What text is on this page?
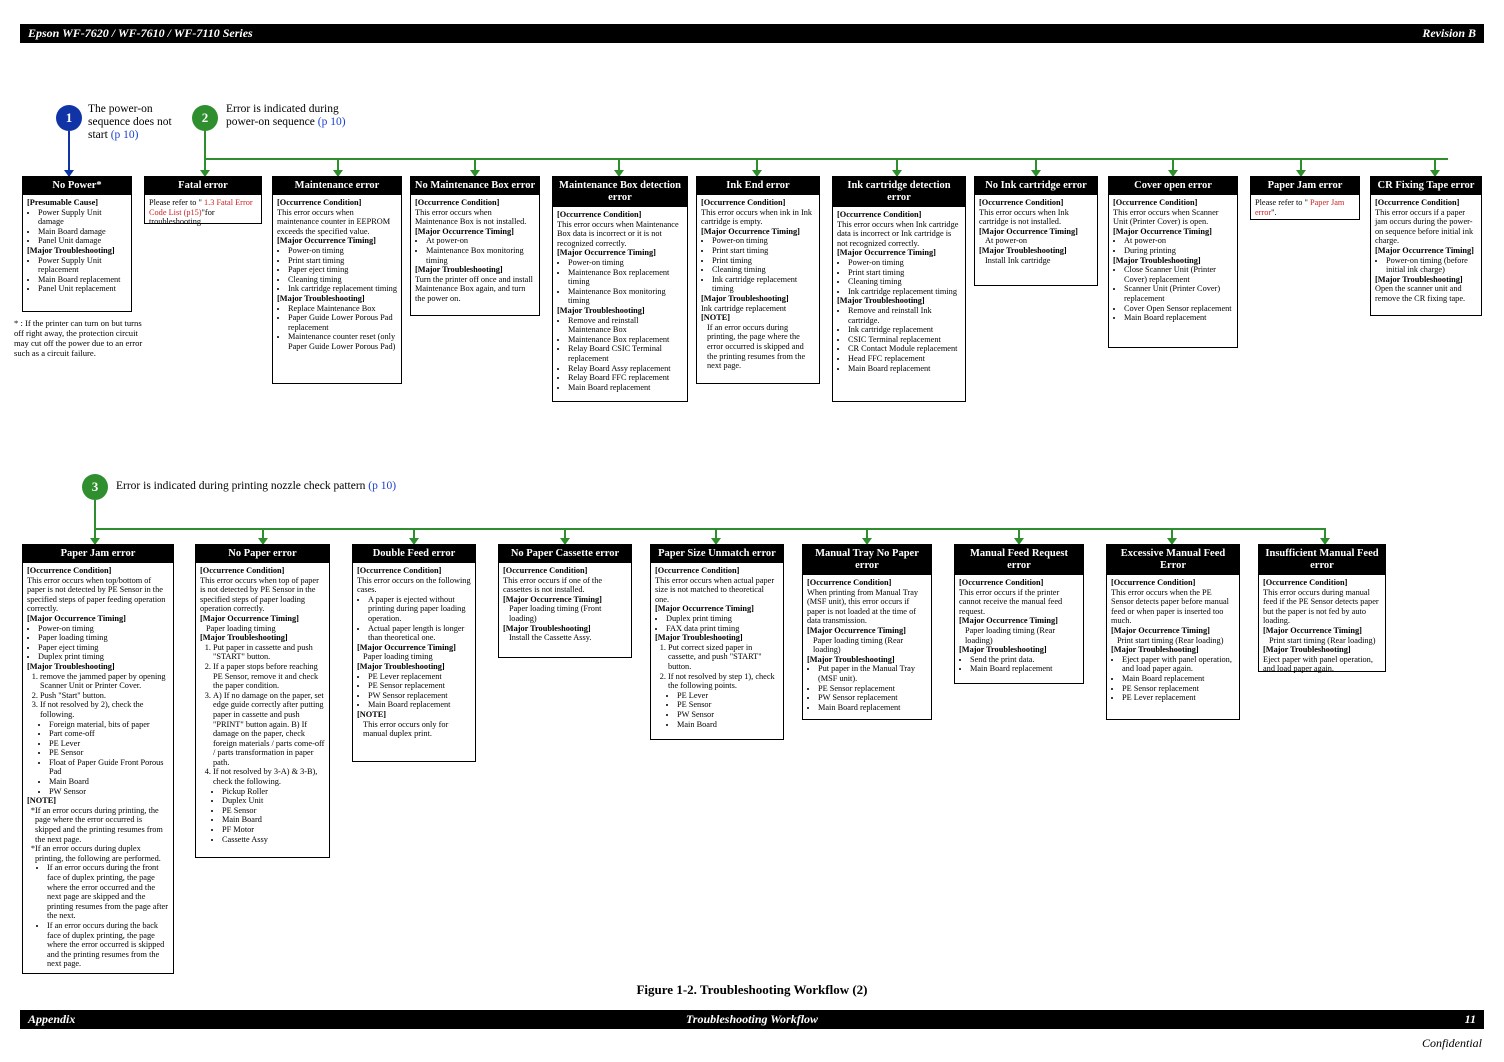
Epson WF-7620 / WF-7610 / WF-7110 Series	Revision B
1
The power-on
sequence does not
start (p 10)
2
Error is indicated during
power-on sequence (p 10)
3 Error is indicated during printing nozzle check pattern (p 10)
No Power*
[Presumable Cause]
• Power Supply Unit damage
• Main Board damage
• Panel Unit damage
[Major Troubleshooting]
• Power Supply Unit replacement
• Main Board replacement
• Panel Unit replacement
* : If the printer can turn on but turns off right away, the protection circuit may cut off the power due to an error such as a circuit failure.
Fatal error
Please refer to " 1.3 Fatal Error Code List (p15)"for troubleshooting.
Maintenance error
[Occurrence Condition]
This error occurs when maintenance counter in EEPROM exceeds the specified value.
[Major Occurrence Timing]
• Power-on timing
• Print start timing
• Paper eject timing
• Cleaning timing
• Ink cartridge replacement timing
[Major Troubleshooting]
• Replace Maintenance Box
• Paper Guide Lower Porous Pad replacement
• Maintenance counter reset (only Paper Guide Lower Porous Pad)
No Maintenance Box error
[Occurrence Condition]
This error occurs when Maintenance Box is not installed.
[Major Occurrence Timing]
• At power-on
• Maintenance Box monitoring timing
[Major Troubleshooting]
Turn the printer off once and install Maintenance Box again, and turn the power on.
Maintenance Box detection error
[Occurrence Condition]
This error occurs when Maintenance Box data is incorrect or it is not recognized correctly.
[Major Occurrence Timing]
• Power-on timing
• Maintenance Box replacement timing
• Maintenance Box monitoring timing
[Major Troubleshooting]
• Remove and reinstall Maintenance Box
• Maintenance Box replacement
• Relay Board CSIC Terminal replacement
• Relay Board Assy replacement
• Relay Board FFC replacement
• Main Board replacement
Ink End error
[Occurrence Condition]
This error occurs when ink in Ink cartridge is empty.
[Major Occurrence Timing]
• Power-on timing
• Print start timing
• Print timing
• Cleaning timing
• Ink cartridge replacement timing
[Major Troubleshooting]
Ink cartridge replacement
[NOTE]
If an error occurs during printing, the page where the error occurred is skipped and the printing resumes from the next page.
Ink cartridge detection error
[Occurrence Condition]
This error occurs when Ink cartridge data is incorrect or Ink cartridge is not recognized correctly.
[Major Occurrence Timing]
• Power-on timing
• Print start timing
• Cleaning timing
• Ink cartridge replacement timing
[Major Troubleshooting]
• Remove and reinstall Ink cartridge.
• Ink cartridge replacement
• CSIC Terminal replacement
• CR Contact Module replacement
• Head FFC replacement
• Main Board replacement
No Ink cartridge error
[Occurrence Condition]
This error occurs when Ink cartridge is not installed.
[Major Occurrence Timing]
At power-on
[Major Troubleshooting]
Install Ink cartridge
Cover open error
[Occurrence Condition]
This error occurs when Scanner Unit (Printer Cover) is open.
[Major Occurrence Timing]
• At power-on
• During printing
[Major Troubleshooting]
• Close Scanner Unit (Printer Cover) replacement
• Scanner Unit (Printer Cover) replacement
• Cover Open Sensor replacement
• Main Board replacement
Paper Jam error
Please refer to " Paper Jam error".
CR Fixing Tape error
[Occurrence Condition]
This error occurs if a paper jam occurs during the power-on sequence before initial ink charge.
[Major Occurrence Timing]
• Power-on timing (before initial ink charge)
[Major Troubleshooting]
Open the scanner unit and remove the CR fixing tape.
Paper Jam error
[Occurrence Condition]
This error occurs when top/bottom of paper is not detected by PE Sensor in the specified steps of paper feeding operation correctly.
[Major Occurrence Timing]
• Power-on timing
• Paper loading timing
• Paper eject timing
• Duplex print timing
[Major Troubleshooting]
1. remove the jammed paper by opening Scanner Unit or Printer Cover.
2. Push "Start" button.
3. If not resolved by 2), check the following.
• Foreign material, bits of paper
• Part come-off
• PE Lever
• PE Sensor
• Float of Paper Guide Front Porous Pad
• Main Board
• PW Sensor
[NOTE]
* If an error occurs during printing, the page where the error occurred is skipped and the printing resumes from the next page.
* If an error occurs during duplex printing, the following are performed.
• If an error occurs during the front face of duplex printing, the page where the error occurred and the next page are skipped and the printing resumes from the page after the next.
• If an error occurs during the back face of duplex printing, the page where the error occurred is skipped and the printing resumes from the next page.
No Paper error
[Occurrence Condition]
This error occurs when top of paper is not detected by PE Sensor in the specified steps of paper loading operation correctly.
[Major Occurrence Timing]
Paper loading timing
[Major Troubleshooting]
1. Put paper in cassette and push "START" button.
2. If a paper stops before reaching PE Sensor, remove it and check the paper condition.
3. A) If no damage on the paper, set edge guide correctly after putting paper in cassette and push "PRINT" button again. B) If damage on the paper, check foreign materials / parts come-off / parts transformation in paper path.
4. If not resolved by 3-A) & 3-B), check the following.
• Pickup Roller
• Duplex Unit
• PE Sensor
• Main Board
• PF Motor
• Cassette Assy
Double Feed error
[Occurrence Condition]
This error occurs on the following cases.
• A paper is ejected without printing during paper loading operation.
• Actual paper length is longer than theoretical one.
[Major Occurrence Timing]
Paper loading timing
[Major Troubleshooting]
• PE Lever replacement
• PE Sensor replacement
• PW Sensor replacement
• Main Board replacement
[NOTE]
This error occurs only for manual duplex print.
No Paper Cassette error
[Occurrence Condition]
This error occurs if one of the cassettes is not installed.
[Major Occurrence Timing]
Paper loading timing (Front loading)
[Major Troubleshooting]
Install the Cassette Assy.
Paper Size Unmatch error
[Occurrence Condition]
This error occurs when actual paper size is not matched to theoretical one.
[Major Occurrence Timing]
• Duplex print timing
• FAX data print timing
[Major Troubleshooting]
1. Put correct sized paper in cassette, and push "START" button.
2. If not resolved by step 1), check the following points.
• PE Lever
• PE Sensor
• PW Sensor
• Main Board
Manual Tray No Paper error
[Occurrence Condition]
When printing from Manual Tray (MSF unit), this error occurs if paper is not loaded at the time of data transmission.
[Major Occurrence Timing]
Paper loading timing (Rear loading)
[Major Troubleshooting]
• Put paper in the Manual Tray (MSF unit).
• PE Sensor replacement
• PW Sensor replacement
• Main Board replacement
Manual Feed Request error
[Occurrence Condition]
This error occurs if the printer cannot receive the manual feed request.
[Major Occurrence Timing]
Paper loading timing (Rear loading)
[Major Troubleshooting]
• Send the print data.
• Main Board replacement
Excessive Manual Feed Error
[Occurrence Condition]
This error occurs when the PE Sensor detects paper before manual feed or when paper is inserted too much.
[Major Occurrence Timing]
Print start timing (Rear loading)
[Major Troubleshooting]
• Eject paper with panel operation, and load paper again.
• Main Board replacement
• PE Sensor replacement
• PE Lever replacement
Insufficient Manual Feed error
[Occurrence Condition]
This error occurs during manual feed if the PE Sensor detects paper but the paper is not fed by auto loading.
[Major Occurrence Timing]
Print start timing (Rear loading)
[Major Troubleshooting]
Eject paper with panel operation, and load paper again.
Figure 1-2. Troubleshooting Workflow (2)
Appendix	Troubleshooting Workflow	11
Confidential
